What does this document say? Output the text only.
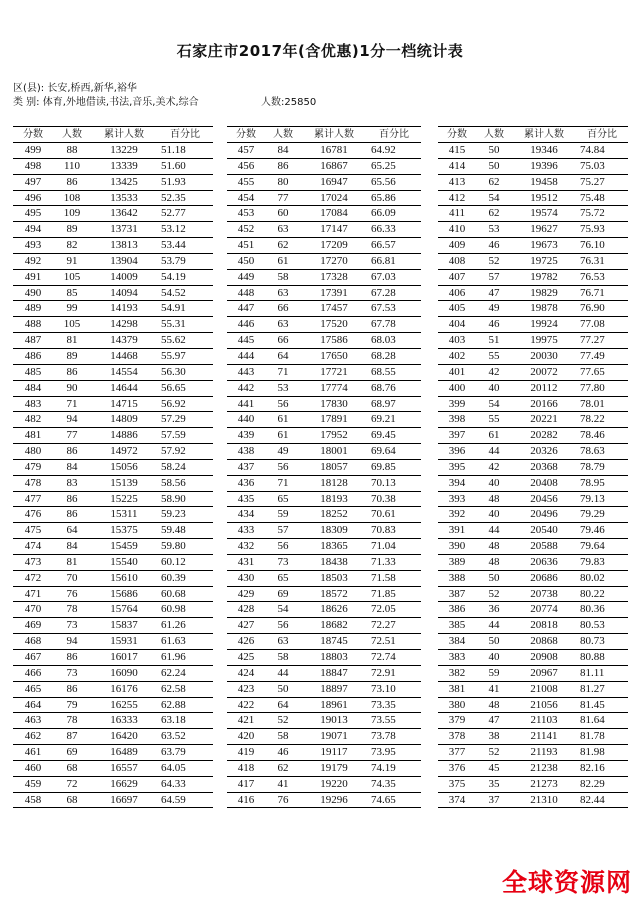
石家庄市2017年(含优惠)1分一档统计表
区(县): 长安,桥西,新华,裕华
类 别: 体育,外地借读,书法,音乐,美术,综合	人数:25850
分数	人数	累计人数	百分比
499	88	13229	51.18
498	110	13339	51.60
497	86	13425	51.93
496	108	13533	52.35
495	109	13642	52.77
494	89	13731	53.12
493	82	13813	53.44
492	91	13904	53.79
491	105	14009	54.19
490	85	14094	54.52
489	99	14193	54.91
488	105	14298	55.31
487	81	14379	55.62
486	89	14468	55.97
485	86	14554	56.30
484	90	14644	56.65
483	71	14715	56.92
482	94	14809	57.29
481	77	14886	57.59
480	86	14972	57.92
479	84	15056	58.24
478	83	15139	58.56
477	86	15225	58.90
476	86	15311	59.23
475	64	15375	59.48
474	84	15459	59.80
473	81	15540	60.12
472	70	15610	60.39
471	76	15686	60.68
470	78	15764	60.98
469	73	15837	61.26
468	94	15931	61.63
467	86	16017	61.96
466	73	16090	62.24
465	86	16176	62.58
464	79	16255	62.88
463	78	16333	63.18
462	87	16420	63.52
461	69	16489	63.79
460	68	16557	64.05
459	72	16629	64.33
458	68	16697	64.59
分数	人数	累计人数	百分比
457	84	16781	64.92
456	86	16867	65.25
455	80	16947	65.56
454	77	17024	65.86
453	60	17084	66.09
452	63	17147	66.33
451	62	17209	66.57
450	61	17270	66.81
449	58	17328	67.03
448	63	17391	67.28
447	66	17457	67.53
446	63	17520	67.78
445	66	17586	68.03
444	64	17650	68.28
443	71	17721	68.55
442	53	17774	68.76
441	56	17830	68.97
440	61	17891	69.21
439	61	17952	69.45
438	49	18001	69.64
437	56	18057	69.85
436	71	18128	70.13
435	65	18193	70.38
434	59	18252	70.61
433	57	18309	70.83
432	56	18365	71.04
431	73	18438	71.33
430	65	18503	71.58
429	69	18572	71.85
428	54	18626	72.05
427	56	18682	72.27
426	63	18745	72.51
425	58	18803	72.74
424	44	18847	72.91
423	50	18897	73.10
422	64	18961	73.35
421	52	19013	73.55
420	58	19071	73.78
419	46	19117	73.95
418	62	19179	74.19
417	41	19220	74.35
416	76	19296	74.65
分数	人数	累计人数	百分比
415	50	19346	74.84
414	50	19396	75.03
413	62	19458	75.27
412	54	19512	75.48
411	62	19574	75.72
410	53	19627	75.93
409	46	19673	76.10
408	52	19725	76.31
407	57	19782	76.53
406	47	19829	76.71
405	49	19878	76.90
404	46	19924	77.08
403	51	19975	77.27
402	55	20030	77.49
401	42	20072	77.65
400	40	20112	77.80
399	54	20166	78.01
398	55	20221	78.22
397	61	20282	78.46
396	44	20326	78.63
395	42	20368	78.79
394	40	20408	78.95
393	48	20456	79.13
392	40	20496	79.29
391	44	20540	79.46
390	48	20588	79.64
389	48	20636	79.83
388	50	20686	80.02
387	52	20738	80.22
386	36	20774	80.36
385	44	20818	80.53
384	50	20868	80.73
383	40	20908	80.88
382	59	20967	81.11
381	41	21008	81.27
380	48	21056	81.45
379	47	21103	81.64
378	38	21141	81.78
377	52	21193	81.98
376	45	21238	82.16
375	35	21273	82.29
374	37	21310	82.44
全球资源网
